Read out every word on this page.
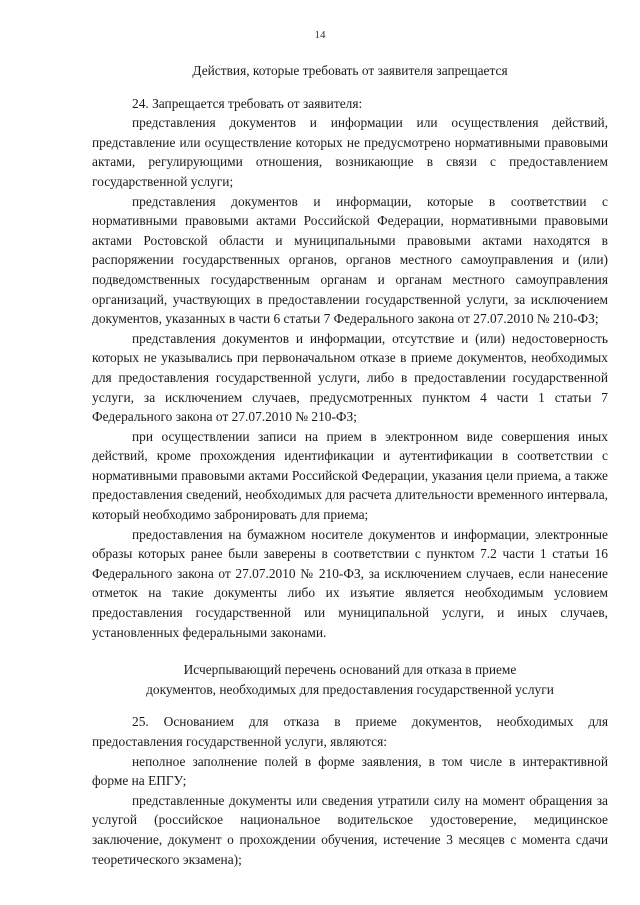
14

Действия, которые требовать от заявителя запрещается

24. Запрещается требовать от заявителя:

представления документов и информации или осуществления действий, представление или осуществление которых не предусмотрено нормативными правовыми актами, регулирующими отношения, возникающие в связи с предоставлением государственной услуги;

представления документов и информации, которые в соответствии с нормативными правовыми актами Российской Федерации, нормативными правовыми актами Ростовской области и муниципальными правовыми актами находятся в распоряжении государственных органов, органов местного самоуправления и (или) подведомственных государственным органам и органам местного самоуправления организаций, участвующих в предоставлении государственной услуги, за исключением документов, указанных в части 6 статьи 7 Федерального закона от 27.07.2010 № 210-ФЗ;

представления документов и информации, отсутствие и (или) недостоверность которых не указывались при первоначальном отказе в приеме документов, необходимых для предоставления государственной услуги, либо в предоставлении государственной услуги, за исключением случаев, предусмотренных пунктом 4 части 1 статьи 7 Федерального закона от 27.07.2010 № 210-ФЗ;

при осуществлении записи на прием в электронном виде совершения иных действий, кроме прохождения идентификации и аутентификации в соответствии с нормативными правовыми актами Российской Федерации, указания цели приема, а также предоставления сведений, необходимых для расчета длительности временного интервала, который необходимо забронировать для приема;

предоставления на бумажном носителе документов и информации, электронные образы которых ранее были заверены в соответствии с пунктом 7.2 части 1 статьи 16 Федерального закона от 27.07.2010 № 210-ФЗ, за исключением случаев, если нанесение отметок на такие документы либо их изъятие является необходимым условием предоставления государственной или муниципальной услуги, и иных случаев, установленных федеральными законами.

Исчерпывающий перечень оснований для отказа в приеме
документов, необходимых для предоставления государственной услуги

25. Основанием для отказа в приеме документов, необходимых для предоставления государственной услуги, являются:

неполное заполнение полей в форме заявления, в том числе в интерактивной форме на ЕПГУ;

представленные документы или сведения утратили силу на момент обращения за услугой (российское национальное водительское удостоверение, медицинское заключение, документ о прохождении обучения, истечение 3 месяцев с момента сдачи теоретического экзамена);
